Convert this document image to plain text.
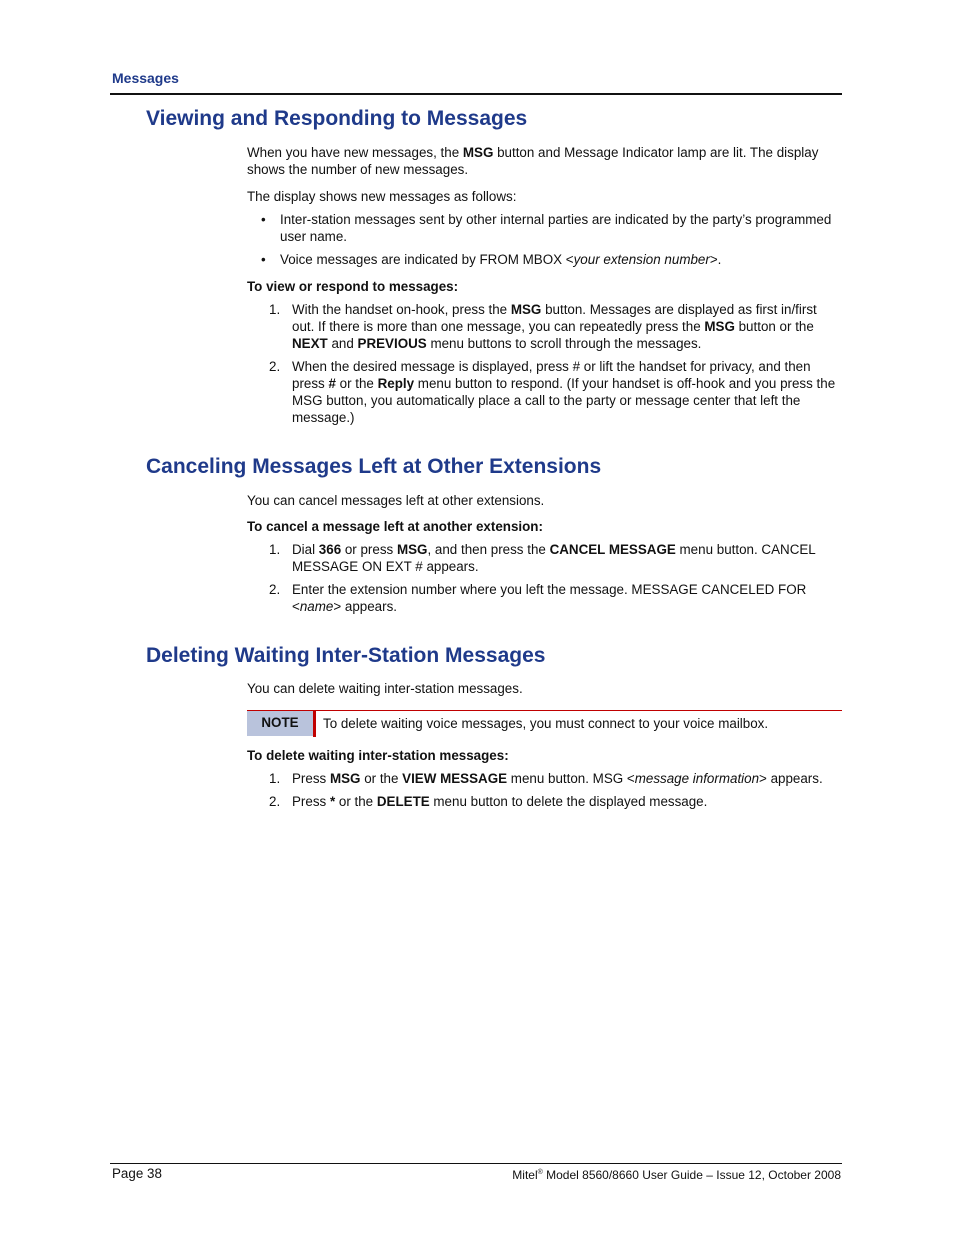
Messages
Viewing and Responding to Messages

When you have new messages, the MSG button and Message Indicator lamp are lit. The display shows the number of new messages.

The display shows new messages as follows:

• Inter-station messages sent by other internal parties are indicated by the party’s programmed user name.
• Voice messages are indicated by FROM MBOX <your extension number>.

To view or respond to messages:

1. With the handset on-hook, press the MSG button. Messages are displayed as first in/first out. If there is more than one message, you can repeatedly press the MSG button or the NEXT and PREVIOUS menu buttons to scroll through the messages.
2. When the desired message is displayed, press # or lift the handset for privacy, and then press # or the Reply menu button to respond. (If your handset is off-hook and you press the MSG button, you automatically place a call to the party or message center that left the message.)
Canceling Messages Left at Other Extensions

You can cancel messages left at other extensions.

To cancel a message left at another extension:

1. Dial 366 or press MSG, and then press the CANCEL MESSAGE menu button. CANCEL MESSAGE ON EXT # appears.
2. Enter the extension number where you left the message. MESSAGE CANCELED FOR <name> appears.
Deleting Waiting Inter-Station Messages

You can delete waiting inter-station messages.

NOTE	To delete waiting voice messages, you must connect to your voice mailbox.

To delete waiting inter-station messages:

1. Press MSG or the VIEW MESSAGE menu button. MSG <message information> appears.
2. Press * or the DELETE menu button to delete the displayed message.
Page 38	Mitel® Model 8560/8660 User Guide – Issue 12, October 2008
